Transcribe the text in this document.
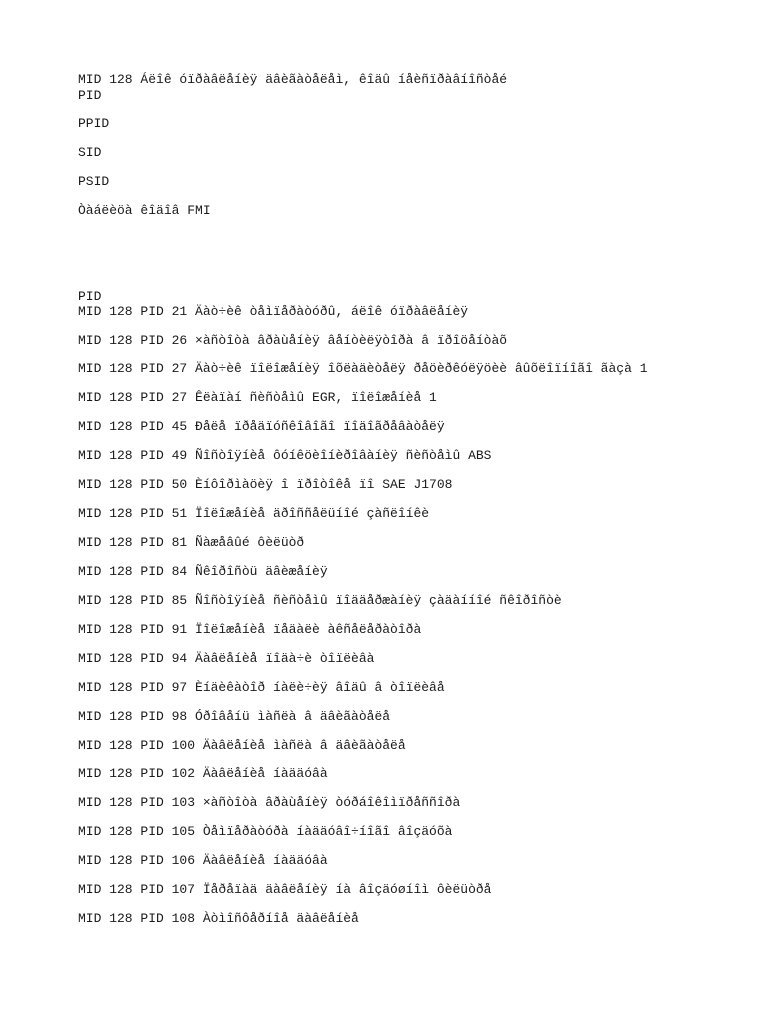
MID 128 Áëîê óïðàâëåíèÿ äâèãàòåëåì, êîäû íåèñïðàâíîñòåé
PID
PPID
SID
PSID
Òàáëèöà êîäîâ FMI
PID
MID 128 PID 21 Äàò÷èê òåìïåðàòóðû, áëîê óïðàâëåíèÿ
MID 128 PID 26 ×àñòîòà âðàùåíèÿ âåíòèëÿòîðà â ïðîöåíòàõ
MID 128 PID 27 Äàò÷èê ïîëîæåíèÿ îõëàäèòåëÿ ðåöèðêóëÿöèè âûõëîïíîãî ãàçà 1
MID 128 PID 27 Êëàïàí ñèñòåìû EGR, ïîëîæåíèå 1
MID 128 PID 45 Ðåëå ïðåäïóñêîâîãî ïîäîãðåâàòåëÿ
MID 128 PID 49 Ñîñòîÿíèå ôóíêöèîíèðîâàíèÿ ñèñòåìû ABS
MID 128 PID 50 Èíôîðìàöèÿ î ïðîòîêå ïî SAE J1708
MID 128 PID 51 Ïîëîæåíèå äðîññåëüíîé çàñëîíêè
MID 128 PID 81 Ñàæåâûé ôèëüòð
MID 128 PID 84 Ñêîðîñòü äâèæåíèÿ
MID 128 PID 85 Ñîñòîÿíèå ñèñòåìû ïîääåðæàíèÿ çàäàííîé ñêîðîñòè
MID 128 PID 91 Ïîëîæåíèå ïåäàëè àêñåëåðàòîðà
MID 128 PID 94 Äàâëåíèå ïîäà÷è òîïëèâà
MID 128 PID 97 Èíäèêàòîð íàëè÷èÿ âîäû â òîïëèâå
MID 128 PID 98 Óðîâåíü ìàñëà â äâèãàòåëå
MID 128 PID 100 Äàâëåíèå ìàñëà â äâèãàòåëå
MID 128 PID 102 Äàâëåíèå íàääóâà
MID 128 PID 103 ×àñòîòà âðàùåíèÿ òóðáîêîìïðåññîðà
MID 128 PID 105 Òåìïåðàòóðà íàääóâî÷íîãî âîçäóõà
MID 128 PID 106 Äàâëåíèå íàääóâà
MID 128 PID 107 Ïåðåïàä äàâëåíèÿ íà âîçäóøíîì ôèëüòðå
MID 128 PID 108 Àòìîñôåðíîå äàâëåíèå
